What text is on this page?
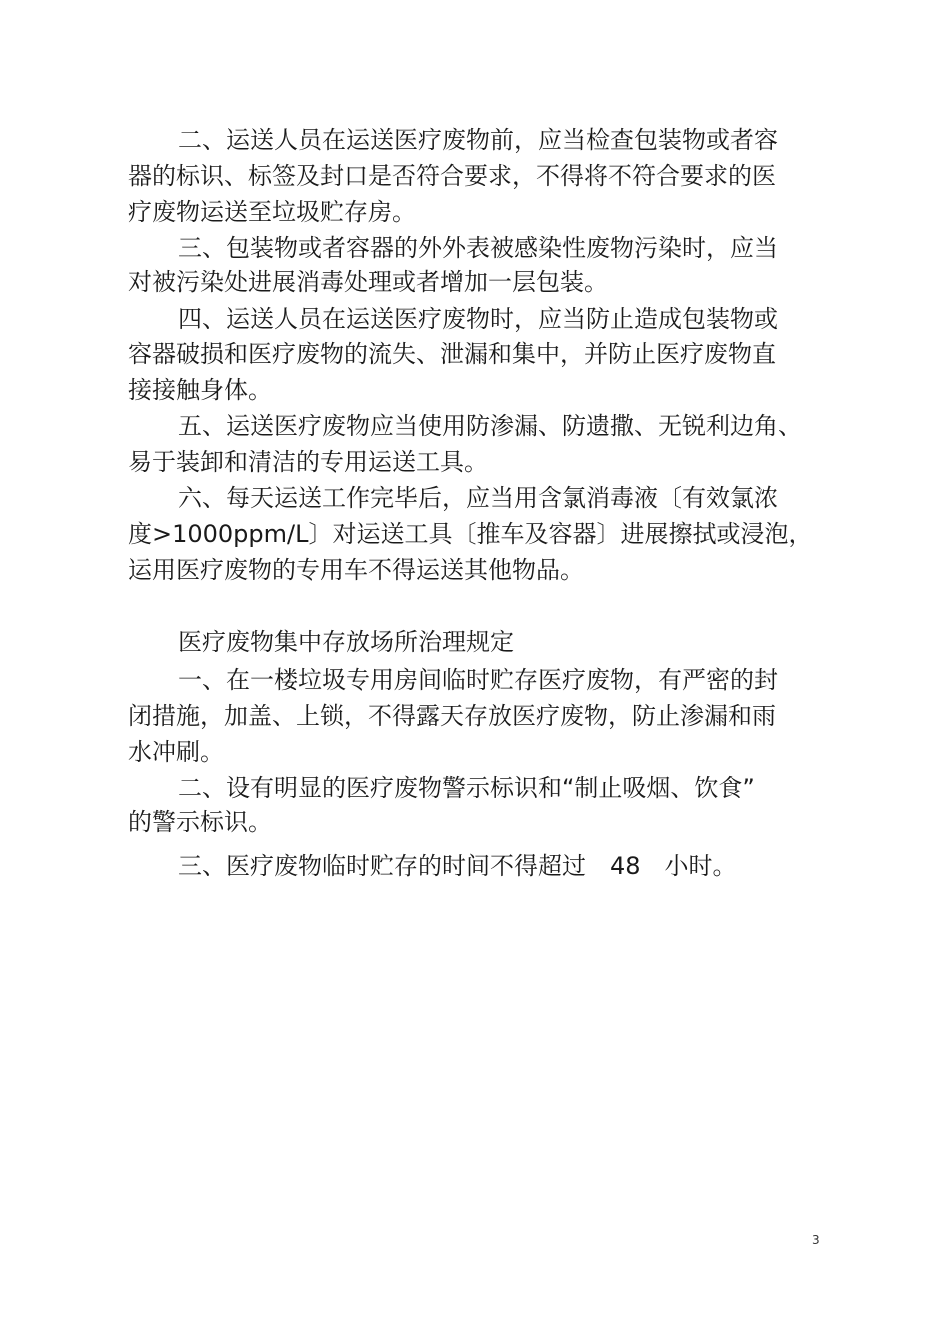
二、运送人员在运送医疗废物前，应当检查包装物或者容
器的标识、标签及封口是否符合要求，不得将不符合要求的医
疗废物运送至垃圾贮存房。
三、包装物或者容器的外外表被感染性废物污染时，应当
对被污染处进展消毒处理或者增加一层包装。
四、运送人员在运送医疗废物时，应当防止造成包装物或
容器破损和医疗废物的流失、泄漏和集中，并防止医疗废物直
接接触身体。
五、运送医疗废物应当使用防渗漏、防遗撒、无锐利边角、
易于装卸和清洁的专用运送工具。
六、每天运送工作完毕后，应当用含氯消毒液〔有效氯浓
度>1000ppm/L〕对运送工具〔推车及容器〕进展擦拭或浸泡，
运用医疗废物的专用车不得运送其他物品。
医疗废物集中存放场所治理规定
一、在一楼垃圾专用房间临时贮存医疗废物，有严密的封
闭措施，加盖、上锁，不得露天存放医疗废物，防止渗漏和雨
水冲刷。
二、设有明显的医疗废物警示标识和“制止吸烟、饮食”
的警示标识。
三、医疗废物临时贮存的时间不得超过　48　小时。
3
